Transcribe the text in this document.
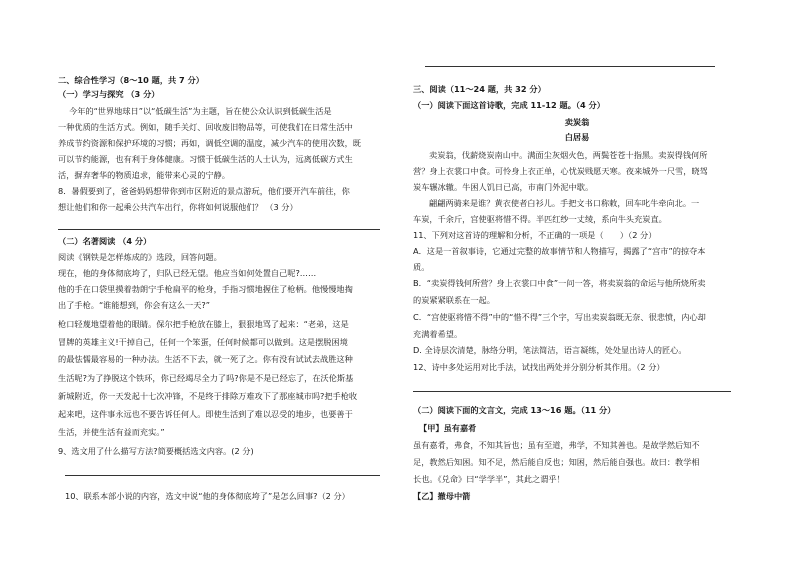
二、综合性学习（8～10 题，共 7 分）
（一）学习与探究 （3 分）
今年的“世界地球日”以“低碳生活”为主题，旨在使公众认识到低碳生活是
一种优质的生活方式。例如，随手关灯、回收废旧物品等，可使我们在日常生活中
养成节约资源和保护环境的习惯；再如，调低空调的温度，减少汽车的使用次数，既
可以节约能源，也有利于身体健康。习惯于低碳生活的人士认为，远离低碳方式生
活，摒弃奢华的物质追求，能带来心灵的宁静。
8．暑假要到了，爸爸妈妈想带你到市区附近的景点游玩，他们要开汽车前往，你
想让他们和你一起乘公共汽车出行，你将如何说服他们？ （3 分）
（二）名著阅读 （4 分）
阅读《钢铁是怎样炼成的》选段，回答问题。
现在，他的身体彻底垮了，归队已经无望。他应当如何处置自己呢?……
他的手在口袋里摸着勃朗宁手枪扁平的枪身，手指习惯地握住了枪柄。他慢慢地掏
出了手枪。“谁能想到，你会有这么一天?”
枪口轻蔑地望着他的眼睛。保尔把手枪放在膝上，狠狠地骂了起来：“老弟，这是
冒牌的英雄主义!干掉自己，任何一个笨蛋，任何时候都可以做到。这是摆脱困境
的最怯懦最容易的一种办法。生活不下去，就一死了之。你有没有试试去战胜这种
生活呢?为了挣脱这个铁环，你已经竭尽全力了吗?你是不是已经忘了，在沃伦斯基
新城附近，你一天发起十七次冲锋，不是终于排除万难攻下了那座城市吗?把手枪收
起来吧，这件事永远也不要告诉任何人。即使生活到了难以忍受的地步，也要善于
生活，并使生活有益而充实。”
9、选文用了什么描写方法?简要概括选文内容。(2 分)
10、联系本部小说的内容，选文中说“他的身体彻底垮了”是怎么回事?（2 分）
三、阅读（11～24 题，共 32 分）
（一）阅读下面这首诗歌，完成 11-12 题。（4 分）
卖炭翁
白居易
卖炭翁，伐薪烧炭南山中。满面尘灰烟火色，两鬓苍苍十指黑。卖炭得钱何所
营？身上衣裳口中食。可怜身上衣正单，心忧炭贱愿天寒。夜来城外一尺雪，晓驾
炭车辗冰辙。牛困人饥日已高，市南门外泥中歇。
翩翩两骑来是谁？黄衣使者白衫儿。手把文书口称敕，回车叱牛牵向北。一
车炭，千余斤，宫使驱将惜不得。半匹红纱一丈绫，系向牛头充炭直。
11、下列对这首诗的理解和分析，不正确的一项是（　　）（2 分）
A．这是一首叙事诗，它通过完整的故事情节和人物描写，揭露了“宫市”的掠夺本
质。
B．“卖炭得钱何所营？身上衣裳口中食”一问一答，将卖炭翁的命运与他所烧所卖
的炭紧紧联系在一起。
C．“宫使驱将惜不得”中的“惜不得”三个字，写出卖炭翁既无奈、很悲愤，内心却
充满着希望。
D. 全诗层次清楚，脉络分明，笔法简洁，语言凝练，处处显出诗人的匠心。
12、诗中多处运用对比手法，试找出两处并分别分析其作用。（2 分）
（二）阅读下面的文言文，完成 13～16 题。（11 分）
【甲】虽有嘉肴
虽有嘉肴，弗食，不知其旨也；虽有至道，弗学，不知其善也。是故学然后知不
足，教然后知困。知不足，然后能自反也；知困，然后能自强也。故曰：教学相
长也。《兑命》曰“学学半”，其此之谓乎！
【乙】撤母中箭
